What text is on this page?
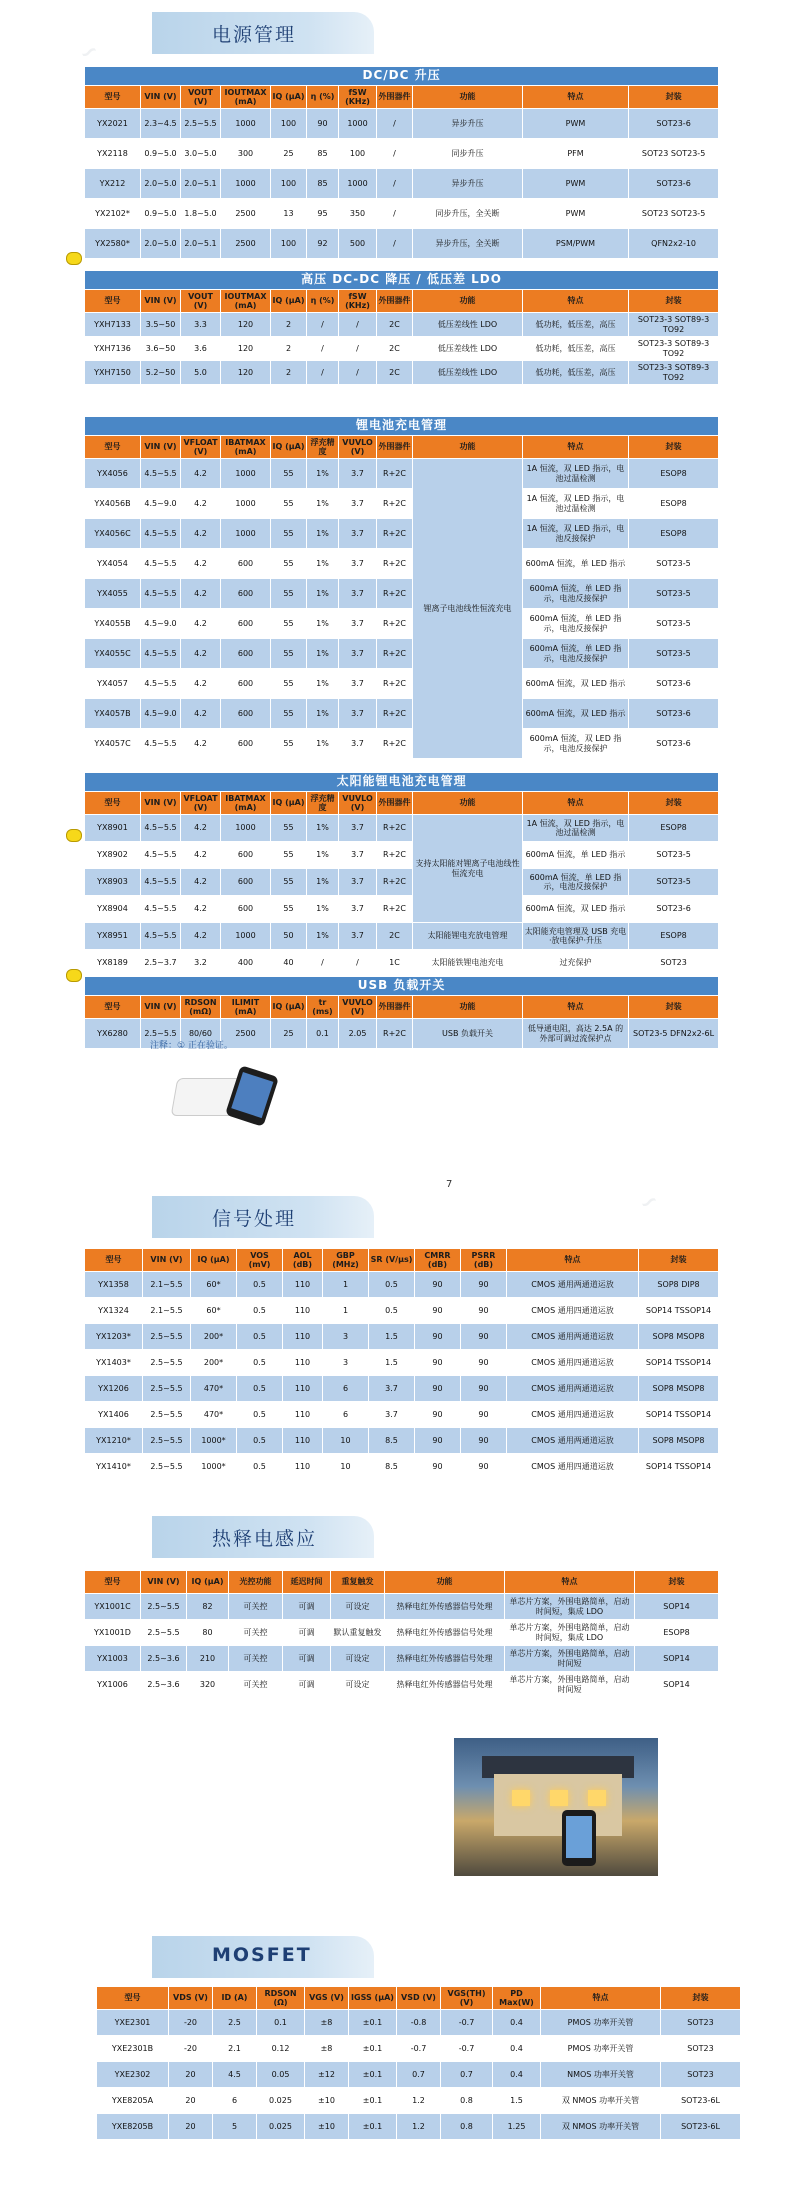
∽
∽
电源管理
DC/DC 升压										
型号	VIN (V)	VOUT (V)	IOUTMAX (mA)	IQ (μA)	η (%)	fSW (KHz)	外围器件	功能	特点	封装
YX2021	2.3~4.5	2.5~5.5	1000	100	90	1000	/	异步升压	PWM	SOT23-6
YX2118	0.9~5.0	3.0~5.0	300	25	85	100	/	同步升压	PFM	SOT23 SOT23-5
YX212	2.0~5.0	2.0~5.1	1000	100	85	1000	/	异步升压	PWM	SOT23-6
YX2102*	0.9~5.0	1.8~5.0	2500	13	95	350	/	同步升压，全关断	PWM	SOT23 SOT23-5
YX2580*	2.0~5.0	2.0~5.1	2500	100	92	500	/	异步升压，全关断	PSM/PWM	QFN2x2-10
高压 DC-DC 降压 / 低压差 LDO										
型号	VIN (V)	VOUT (V)	IOUTMAX (mA)	IQ (μA)	η (%)	fSW (KHz)	外围器件	功能	特点	封装
YXH7133	3.5~50	3.3	120	2	/	/	2C	低压差线性 LDO	低功耗，低压差，高压	SOT23-3 SOT89-3 TO92
YXH7136	3.6~50	3.6	120	2	/	/	2C	低压差线性 LDO	低功耗，低压差，高压	SOT23-3 SOT89-3 TO92
YXH7150	5.2~50	5.0	120	2	/	/	2C	低压差线性 LDO	低功耗，低压差，高压	SOT23-3 SOT89-3 TO92
锂电池充电管理										
型号	VIN (V)	VFLOAT (V)	IBATMAX (mA)	IQ (μA)	浮充精度	VUVLO (V)	外围器件	功能	特点	封装
YX4056	4.5~5.5	4.2	1000	55	1%	3.7	R+2C	锂离子电池线性恒流充电	1A 恒流，双 LED 指示，电池过温检测	ESOP8
YX4056B	4.5~9.0	4.2	1000	55	1%	3.7	R+2C		1A 恒流，双 LED 指示，电池过温检测	ESOP8
YX4056C	4.5~5.5	4.2	1000	55	1%	3.7	R+2C		1A 恒流，双 LED 指示，电池反接保护	ESOP8
YX4054	4.5~5.5	4.2	600	55	1%	3.7	R+2C		600mA 恒流，单 LED 指示	SOT23-5
YX4055	4.5~5.5	4.2	600	55	1%	3.7	R+2C		600mA 恒流，单 LED 指示，电池反接保护	SOT23-5
YX4055B	4.5~9.0	4.2	600	55	1%	3.7	R+2C		600mA 恒流，单 LED 指示，电池反接保护	SOT23-5
YX4055C	4.5~5.5	4.2	600	55	1%	3.7	R+2C		600mA 恒流，单 LED 指示，电池反接保护	SOT23-5
YX4057	4.5~5.5	4.2	600	55	1%	3.7	R+2C		600mA 恒流，双 LED 指示	SOT23-6
YX4057B	4.5~9.0	4.2	600	55	1%	3.7	R+2C		600mA 恒流，双 LED 指示	SOT23-6
YX4057C	4.5~5.5	4.2	600	55	1%	3.7	R+2C		600mA 恒流，双 LED 指示，电池反接保护	SOT23-6
太阳能锂电池充电管理										
型号	VIN (V)	VFLOAT (V)	IBATMAX (mA)	IQ (μA)	浮充精度	VUVLO (V)	外围器件	功能	特点	封装
YX8901	4.5~5.5	4.2	1000	55	1%	3.7	R+2C	支持太阳能对锂离子电池线性恒流充电	1A 恒流，双 LED 指示，电池过温检测	ESOP8
YX8902	4.5~5.5	4.2	600	55	1%	3.7	R+2C		600mA 恒流，单 LED 指示	SOT23-5
YX8903	4.5~5.5	4.2	600	55	1%	3.7	R+2C		600mA 恒流，单 LED 指示，电池反接保护	SOT23-5
YX8904	4.5~5.5	4.2	600	55	1%	3.7	R+2C		600mA 恒流，双 LED 指示	SOT23-6
YX8951	4.5~5.5	4.2	1000	50	1%	3.7	2C	太阳能锂电充放电管理	太阳能充电管理及 USB 充电 ·放电保护·升压	ESOP8
YX8189	2.5~3.7	3.2	400	40	/	/	1C	太阳能铁锂电池充电	过充保护	SOT23
USB 负载开关										
型号	VIN (V)	RDSON (mΩ)	ILIMIT (mA)	IQ (μA)	tr (ms)	VUVLO (V)	外围器件	功能	特点	封装
YX6280	2.5~5.5	80/60	2500	25	0.1	2.05	R+2C	USB 负载开关	低导通电阻，高达 2.5A 的外部可调过流保护点	SOT23-5 DFN2x2-6L
注释：① 正在验证。
7
信号处理
型号	VIN (V)	IQ (μA)	VOS (mV)	AOL (dB)	GBP (MHz)	SR (V/μs)	CMRR (dB)	PSRR (dB)	特点	封装
YX1358	2.1~5.5	60*	0.5	110	1	0.5	90	90	CMOS 通用两通道运放	SOP8 DIP8
YX1324	2.1~5.5	60*	0.5	110	1	0.5	90	90	CMOS 通用四通道运放	SOP14 TSSOP14
YX1203*	2.5~5.5	200*	0.5	110	3	1.5	90	90	CMOS 通用两通道运放	SOP8 MSOP8
YX1403*	2.5~5.5	200*	0.5	110	3	1.5	90	90	CMOS 通用四通道运放	SOP14 TSSOP14
YX1206	2.5~5.5	470*	0.5	110	6	3.7	90	90	CMOS 通用两通道运放	SOP8 MSOP8
YX1406	2.5~5.5	470*	0.5	110	6	3.7	90	90	CMOS 通用四通道运放	SOP14 TSSOP14
YX1210*	2.5~5.5	1000*	0.5	110	10	8.5	90	90	CMOS 通用两通道运放	SOP8 MSOP8
YX1410*	2.5~5.5	1000*	0.5	110	10	8.5	90	90	CMOS 通用四通道运放	SOP14 TSSOP14
热释电感应
型号	VIN (V)	IQ (μA)	光控功能	延迟时间	重复触发	功能	特点	封装
YX1001C	2.5~5.5	82	可关控	可调	可设定	热释电红外传感器信号处理	单芯片方案，外围电路简单，启动时间短，集成 LDO	SOP14
YX1001D	2.5~5.5	80	可关控	可调	默认重复触发	热释电红外传感器信号处理	单芯片方案，外围电路简单，启动时间短，集成 LDO	ESOP8
YX1003	2.5~3.6	210	可关控	可调	可设定	热释电红外传感器信号处理	单芯片方案，外围电路简单，启动时间短	SOP14
YX1006	2.5~3.6	320	可关控	可调	可设定	热释电红外传感器信号处理	单芯片方案，外围电路简单，启动时间短	SOP14
MOSFET
型号	VDS (V)	ID (A)	RDSON (Ω)	VGS (V)	IGSS (μA)	VSD (V)	VGS(TH) (V)	PD Max(W)	特点	封装
YXE2301	-20	2.5	0.1	±8	±0.1	-0.8	-0.7	0.4	PMOS 功率开关管	SOT23
YXE2301B	-20	2.1	0.12	±8	±0.1	-0.7	-0.7	0.4	PMOS 功率开关管	SOT23
YXE2302	20	4.5	0.05	±12	±0.1	0.7	0.7	0.4	NMOS 功率开关管	SOT23
YXE8205A	20	6	0.025	±10	±0.1	1.2	0.8	1.5	双 NMOS 功率开关管	SOT23-6L
YXE8205B	20	5	0.025	±10	±0.1	1.2	0.8	1.25	双 NMOS 功率开关管	SOT23-6L
